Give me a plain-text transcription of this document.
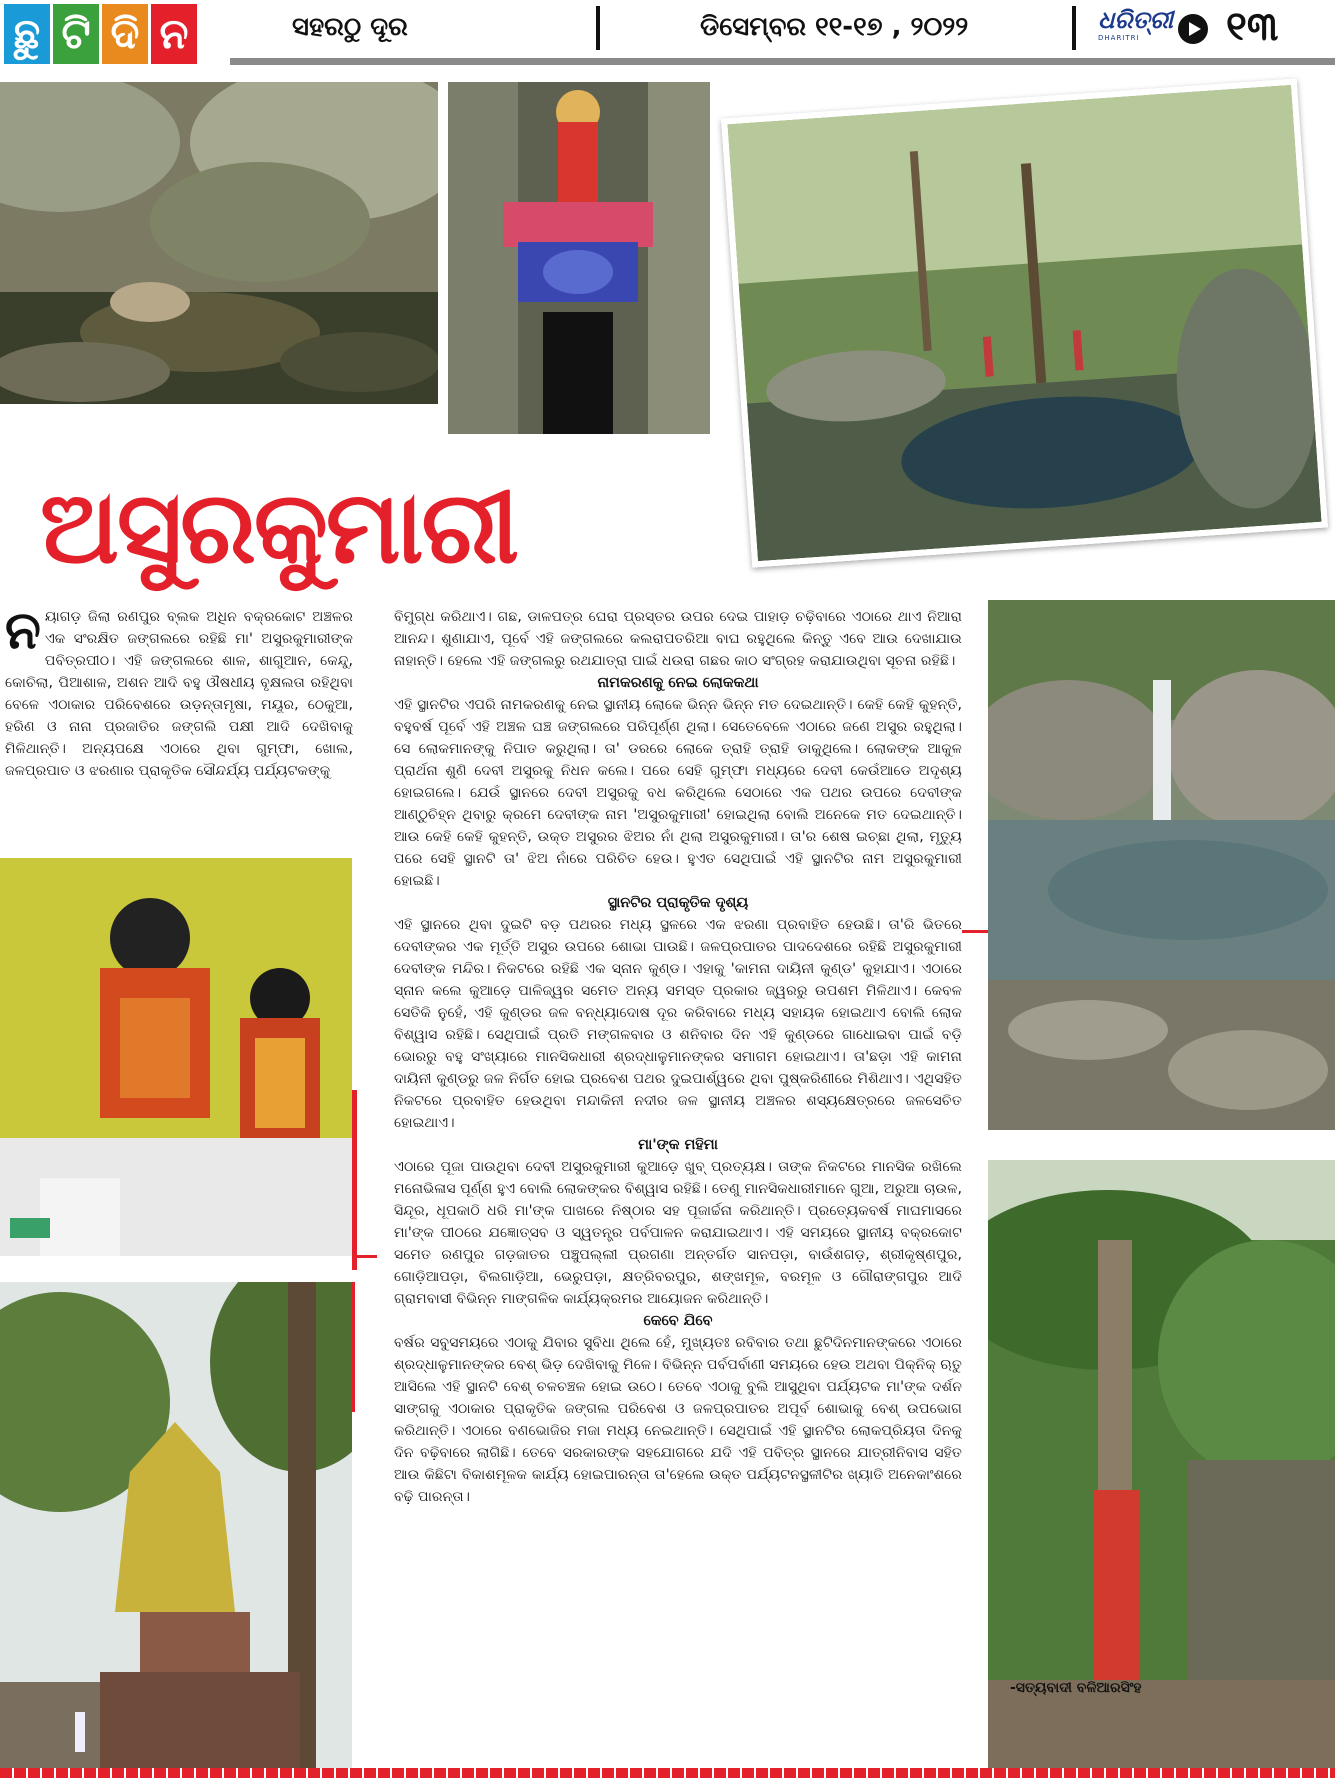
ଛୁ ଟି ଦି ନ	ସହରଠୁ ଦୂର	ଡିସେମ୍ବର ୧୧-୧୭ , ୨୦୨୨	ଧରିତ୍ରୀ
DHARITRI	୧୩
ଅସୁରକୁମାରୀ
ନ ୟାଗଡ଼ ଜିଲା ରଣପୁର ବ୍ଲକ ଅଧିନ ବକ୍ରକୋଟ ଅଞ୍ଚଳର ଏକ ସଂରକ୍ଷିତ ଜଙ୍ଗଲରେ ରହିଛି ମା' ଅସୁରକୁମାରୀଙ୍କ ପବିତ୍ରପୀଠ। ଏହି ଜଙ୍ଗଲରେ ଶାଳ, ଶାଗୁଆନ, କେନ୍ଦୁ, କୋଚିଲା, ପିଆଶାଳ, ଅଶନ ଆଦି ବହୁ ଔଷଧୀୟ ବୃକ୍ଷଲତା ରହିଥିବା ବେଳେ ଏଠାକାର ପରିବେଶରେ ଉଡ଼ନ୍ତାମୃଷା, ମୟୂର, ଠେକୁଆ, ହରିଣ ଓ ନାନା ପ୍ରଜାତିର ଜଙ୍ଗଲି ପକ୍ଷୀ ଆଦି ଦେଖିବାକୁ ମିଳିଥାନ୍ତି। ଅନ୍ୟପକ୍ଷେ ଏଠାରେ ଥିବା ଗୁମ୍ଫା, ଖୋଲ, ଜଳପ୍ରପାତ ଓ ଝରଣାର ପ୍ରାକୃତିକ ସୌନ୍ଦର୍ଯ୍ୟ ପର୍ଯ୍ୟଟକଙ୍କୁ

ବିମୁଗ୍ଧ କରିଥାଏ। ଗଛ, ଡାଳପତ୍ର ଘେରା ପ୍ରସ୍ତର ଉପର ଦେଇ ପାହାଡ଼ ଚଢ଼ିବାରେ ଏଠାରେ ଥାଏ ନିଆରା ଆନନ୍ଦ। ଶୁଣାଯାଏ, ପୂର୍ବେ ଏହି ଜଙ୍ଗଲରେ କଲରାପତରିଆ ବାଘ ରହୁଥିଲେ କିନ୍ତୁ ଏବେ ଆଉ ଦେଖାଯାଉ ନାହାନ୍ତି। ହେଲେ ଏହି ଜଙ୍ଗଲରୁ ରଥଯାତ୍ରା ପାଇଁ ଧଉରା ଗଛର କାଠ ସଂଗ୍ରହ କରାଯାଉଥିବା ସୂଚନା ରହିଛି।

ନାମକରଣକୁ ନେଇ ଲୋକକଥା

ଏହି ସ୍ଥାନଟିର ଏପରି ନାମକରଣକୁ ନେଇ ସ୍ଥାନୀୟ ଲୋକେ ଭିନ୍ନ ଭିନ୍ନ ମତ ଦେଇଥାନ୍ତି। କେହି କେହି କୁହନ୍ତି, ବହୁବର୍ଷ ପୂର୍ବେ ଏହି ଅଞ୍ଚଳ ଘଞ୍ଚ ଜଙ୍ଗଲରେ ପରିପୂର୍ଣ୍ଣ ଥିଲା। ସେତେବେଳେ ଏଠାରେ ଜଣେ ଅସୁର ରହୁଥିଲା। ସେ ଲୋକମାନଙ୍କୁ ନିପାତ କରୁଥିଲା। ତା' ଡରରେ ଲୋକେ ତ୍ରାହି ତ୍ରାହି ଡାକୁଥିଲେ। ଲୋକଙ୍କ ଆକୁଳ ପ୍ରାର୍ଥନା ଶୁଣି ଦେବୀ ଅସୁରକୁ ନିଧନ କଲେ। ପରେ ସେହି ଗୁମ୍ଫା ମଧ୍ୟରେ ଦେବୀ କେଉଁଆଡେ ଅଦୃଶ୍ୟ ହୋଇଗଲେ। ଯେଉଁ ସ୍ଥାନରେ ଦେବୀ ଅସୁରକୁ ବଧ କରିଥିଲେ ସେଠାରେ ଏକ ପଥର ଉପରେ ଦେବୀଙ୍କ ଆଣ୍ଠୁଚିହ୍ନ ଥିବାରୁ କ୍ରମେ ଦେବୀଙ୍କ ନାମ 'ଅସୁରକୁମାରୀ' ହୋଇଥିଲା ବୋଲି ଅନେକେ ମତ ଦେଇଥାନ୍ତି। ଆଉ କେହି କେହି କୁହନ୍ତି, ଉକ୍ତ ଅସୁରର ଝିଅର ନାଁ ଥିଲା ଅସୁରକୁମାରୀ। ତା'ର ଶେଷ ଇଚ୍ଛା ଥିଲା, ମୃତ୍ୟୁ ପରେ ସେହି ସ୍ଥାନଟି ତା' ଝିଅ ନାଁରେ ପରିଚିତ ହେଉ। ହୁଏତ ସେଥିପାଇଁ ଏହି ସ୍ଥାନଟିର ନାମ ଅସୁରକୁମାରୀ ହୋଇଛି।

ସ୍ଥାନଟିର ପ୍ରାକୃତିକ ଦୃଶ୍ୟ

ଏହି ସ୍ଥାନରେ ଥିବା ଦୁଇଟି ବଡ଼ ପଥରର ମଧ୍ୟ ସ୍ଥଳରେ ଏକ ଝରଣା ପ୍ରବାହିତ ହେଉଛି। ତା'ରି ଭିତରେ ଦେବୀଙ୍କର ଏକ ମୂର୍ତ୍ତି ଅସୁର ଉପରେ ଶୋଭା ପାଉଛି। ଜଳପ୍ରପାତର ପାଦଦେଶରେ ରହିଛି ଅସୁରକୁମାରୀ ଦେବୀଙ୍କ ମନ୍ଦିର। ନିକଟରେ ରହିଛି ଏକ ସ୍ନାନ କୁଣ୍ଡ। ଏହାକୁ 'କାମନା ଦାୟିନୀ କୁଣ୍ଡ' କୁହାଯାଏ। ଏଠାରେ ସ୍ନାନ କଲେ କୁଆଡ଼େ ପାଳିଜ୍ୱର ସମେତ ଅନ୍ୟ ସମସ୍ତ ପ୍ରକାର ଜ୍ୱରରୁ ଉପଶମ ମିଳିଥାଏ। କେବଳ ସେତିକି ନୁହେଁ, ଏହି କୁଣ୍ଡର ଜଳ ବନ୍ଧ୍ୟାଦୋଷ ଦୂର କରିବାରେ ମଧ୍ୟ ସହାୟକ ହୋଇଥାଏ ବୋଲି ଲୋକ ବିଶ୍ୱାସ ରହିଛି। ସେଥିପାଇଁ ପ୍ରତି ମଙ୍ଗଳବାର ଓ ଶନିବାର ଦିନ ଏହି କୁଣ୍ଡରେ ଗାଧୋଇବା ପାଇଁ ବଡ଼ି ଭୋରରୁ ବହୁ ସଂଖ୍ୟାରେ ମାନସିକଧାରୀ ଶ୍ରଦ୍ଧାଳୁମାନଙ୍କର ସମାଗମ ହୋଇଥାଏ। ତା'ଛଡ଼ା ଏହି କାମନା ଦାୟିନୀ କୁଣ୍ଡରୁ ଜଳ ନିର୍ଗତ ହୋଇ ପ୍ରବେଶ ପଥର ଦୁଇପାର୍ଶ୍ୱରେ ଥିବା ପୁଷ୍କରିଣୀରେ ମିଶିଥାଏ। ଏଥିସହିତ ନିକଟରେ ପ୍ରବାହିତ ହେଉଥିବା ମନ୍ଦାକିନୀ ନଦୀର ଜଳ ସ୍ଥାନୀୟ ଅଞ୍ଚଳର ଶସ୍ୟକ୍ଷେତ୍ରରେ ଜଳସେଚିତ ହୋଇଥାଏ।

ମା'ଙ୍କ ମହିମା

ଏଠାରେ ପୂଜା ପାଉଥିବା ଦେବୀ ଅସୁରକୁମାରୀ କୁଆଡ଼େ ଖୁବ୍ ପ୍ରତ୍ୟକ୍ଷ। ତାଙ୍କ ନିକଟରେ ମାନସିକ ରଖିଲେ ମନୋଭିଳାସ ପୂର୍ଣ୍ଣ ହୁଏ ବୋଲି ଲୋକଙ୍କର ବିଶ୍ୱାସ ରହିଛି। ତେଣୁ ମାନସିକଧାରୀମାନେ ଗୁଆ, ଅରୁଆ ଚାଉଳ, ସିନ୍ଦୂର, ଧୂପକାଠି ଧରି ମା'ଙ୍କ ପାଖରେ ନିଷ୍ଠାର ସହ ପୂଜାର୍ଚ୍ଚନା କରିଥାନ୍ତି। ପ୍ରତ୍ୟେକବର୍ଷ ମାଘମାସରେ ମା'ଙ୍କ ପୀଠରେ ଯଜ୍ଞୋତ୍ସବ ଓ ସ୍ୱତନ୍ତ୍ର ପର୍ବପାଳନ କରାଯାଇଥାଏ। ଏହି ସମୟରେ ସ୍ଥାନୀୟ ବକ୍ରକୋଟ ସମେତ ରଣପୁର ଗଡ଼ଜାତର ପଞ୍ଚୁପଲ୍ଲୀ ପ୍ରଗଣା ଅନ୍ତର୍ଗତ ସାନପଡ଼ା, ବାଉଁଶଗଡ଼, ଶ୍ରୀକୃଷ୍ଣପୁର, ଗୋଡ଼ିଆପଡ଼ା, ବିଲଗାଡ଼ିଆ, ଭେରୁପଡ଼ା, କ୍ଷତ୍ରିବରପୁର, ଶଙ୍ଖମୂଳ, ବରମୂଳ ଓ ଗୌରାଙ୍ଗପୁର ଆଦି ଗ୍ରାମବାସୀ ବିଭିନ୍ନ ମାଙ୍ଗଳିକ କାର୍ଯ୍ୟକ୍ରମର ଆୟୋଜନ କରିଥାନ୍ତି।

କେବେ ଯିବେ

ବର୍ଷର ସବୁସମୟରେ ଏଠାକୁ ଯିବାର ସୁବିଧା ଥିଲେ ହେଁ, ମୁଖ୍ୟତଃ ରବିବାର ତଥା ଛୁଟିଦିନମାନଙ୍କରେ ଏଠାରେ ଶ୍ରଦ୍ଧାଳୁମାନଙ୍କର ବେଶ୍ ଭିଡ଼ ଦେଖିବାକୁ ମିଳେ। ବିଭିନ୍ନ ପର୍ବପର୍ବାଣୀ ସମୟରେ ହେଉ ଅଥବା ପିକ୍ନିକ୍ ଋତୁ ଆସିଲେ ଏହି ସ୍ଥାନଟି ବେଶ୍ ଚଳଚଞ୍ଚଳ ହୋଇ ଉଠେ। ତେବେ ଏଠାକୁ ବୁଲି ଆସୁଥିବା ପର୍ଯ୍ୟଟକ ମା'ଙ୍କ ଦର୍ଶନ ସାଙ୍ଗକୁ ଏଠାକାର ପ୍ରାକୃତିକ ଜଙ୍ଗଲ ପରିବେଶ ଓ ଜଳପ୍ରପାତର ଅପୂର୍ବ ଶୋଭାକୁ ବେଶ୍ ଉପଭୋଗ କରିଥାନ୍ତି। ଏଠାରେ ବଣଭୋଜିର ମଜା ମଧ୍ୟ ନେଇଥାନ୍ତି। ସେଥିପାଇଁ ଏହି ସ୍ଥାନଟିର ଲୋକପ୍ରିୟତା ଦିନକୁ ଦିନ ବଢ଼ିବାରେ ଲାଗିଛି। ତେବେ ସରକାରଙ୍କ ସହଯୋଗରେ ଯଦି ଏହି ପବିତ୍ର ସ୍ଥାନରେ ଯାତ୍ରୀନିବାସ ସହିତ ଆଉ କିଛିଟା ବିକାଶମୂଳକ କାର୍ଯ୍ୟ ହୋଇପାରନ୍ତା ତା'ହେଲେ ଉକ୍ତ ପର୍ଯ୍ୟଟନସ୍ଥଳୀଟିର ଖ୍ୟାତି ଅନେକାଂଶରେ ବଢ଼ି ପାରନ୍ତା।

-ସତ୍ୟବାଦୀ ବଳିଆରସିଂହ
